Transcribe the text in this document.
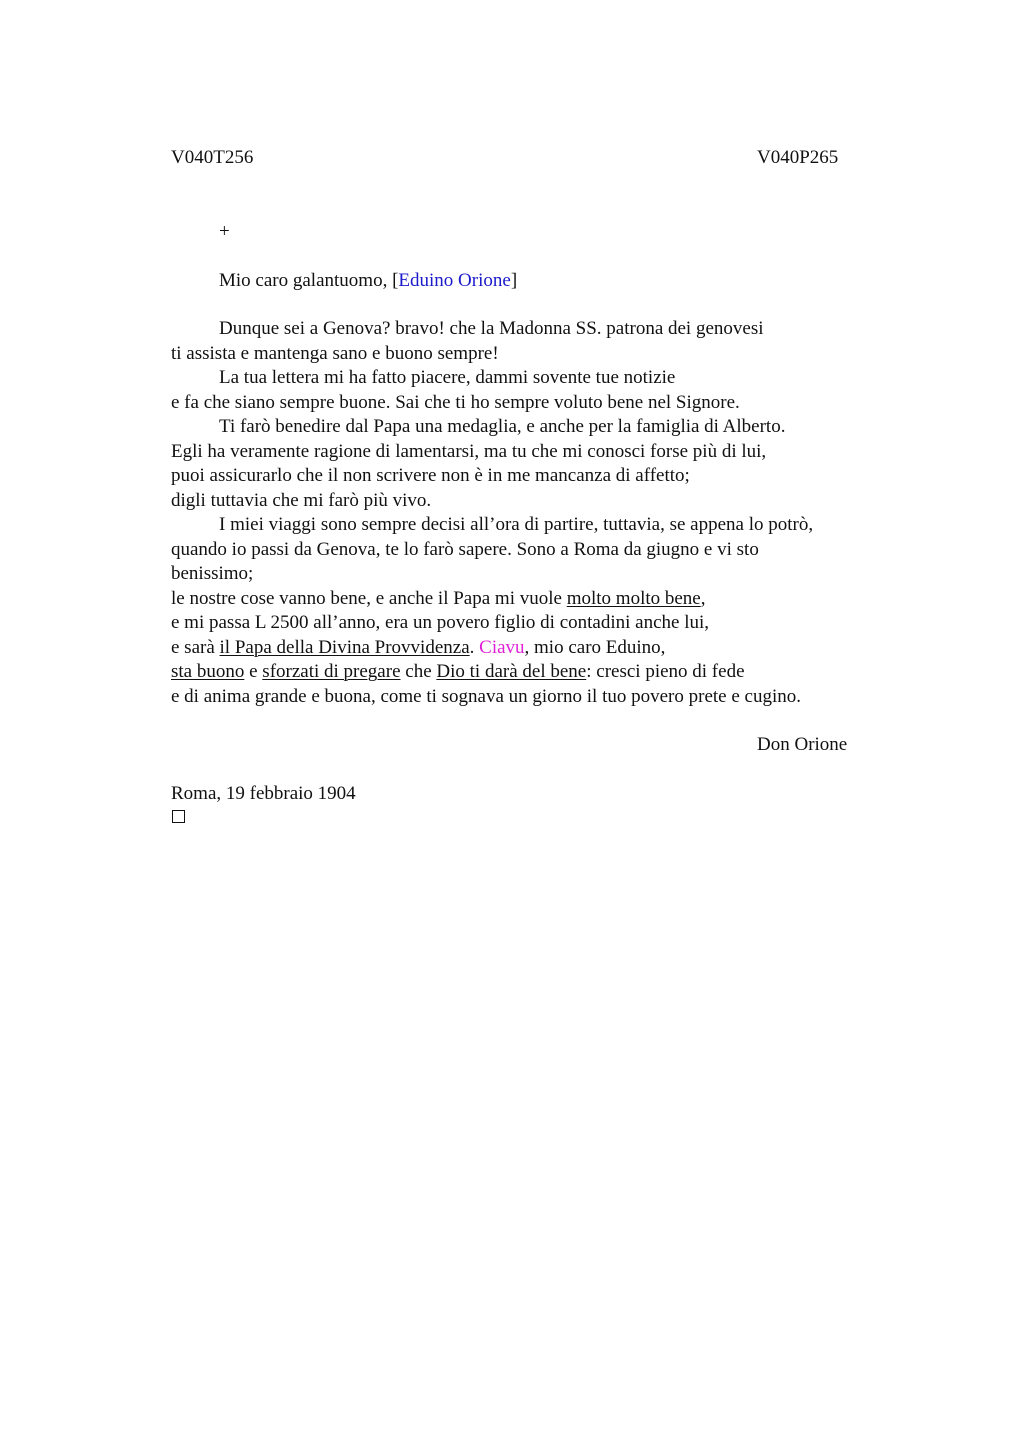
V040T256	V040P265
+
Mio caro galantuomo, [Eduino Orione]
Dunque sei a Genova? bravo! che la Madonna SS. patrona dei genovesi
ti assista e mantenga sano e buono sempre!
La tua lettera mi ha fatto piacere, dammi sovente tue notizie
e fa che siano sempre buone. Sai che ti ho sempre voluto bene nel Signore.
Ti farò benedire dal Papa una medaglia, e anche per la famiglia di Alberto.
Egli ha veramente ragione di lamentarsi, ma tu che mi conosci forse più di lui,
puoi assicurarlo che il non scrivere non è in me mancanza di affetto;
digli tuttavia che mi farò più vivo.
I miei viaggi sono sempre decisi all’ora di partire, tuttavia, se appena lo potrò,
quando io passi da Genova, te lo farò sapere. Sono a Roma da giugno e vi sto
benissimo;
le nostre cose vanno bene, e anche il Papa mi vuole molto molto bene,
e mi passa L 2500 all’anno, era un povero figlio di contadini anche lui,
e sarà il Papa della Divina Provvidenza. Ciavu, mio caro Eduino,
sta buono e sforzati di pregare che Dio ti darà del bene: cresci pieno di fede
e di anima grande e buona, come ti sognava un giorno il tuo povero prete e cugino.
Don Orione
Roma, 19 febbraio 1904
